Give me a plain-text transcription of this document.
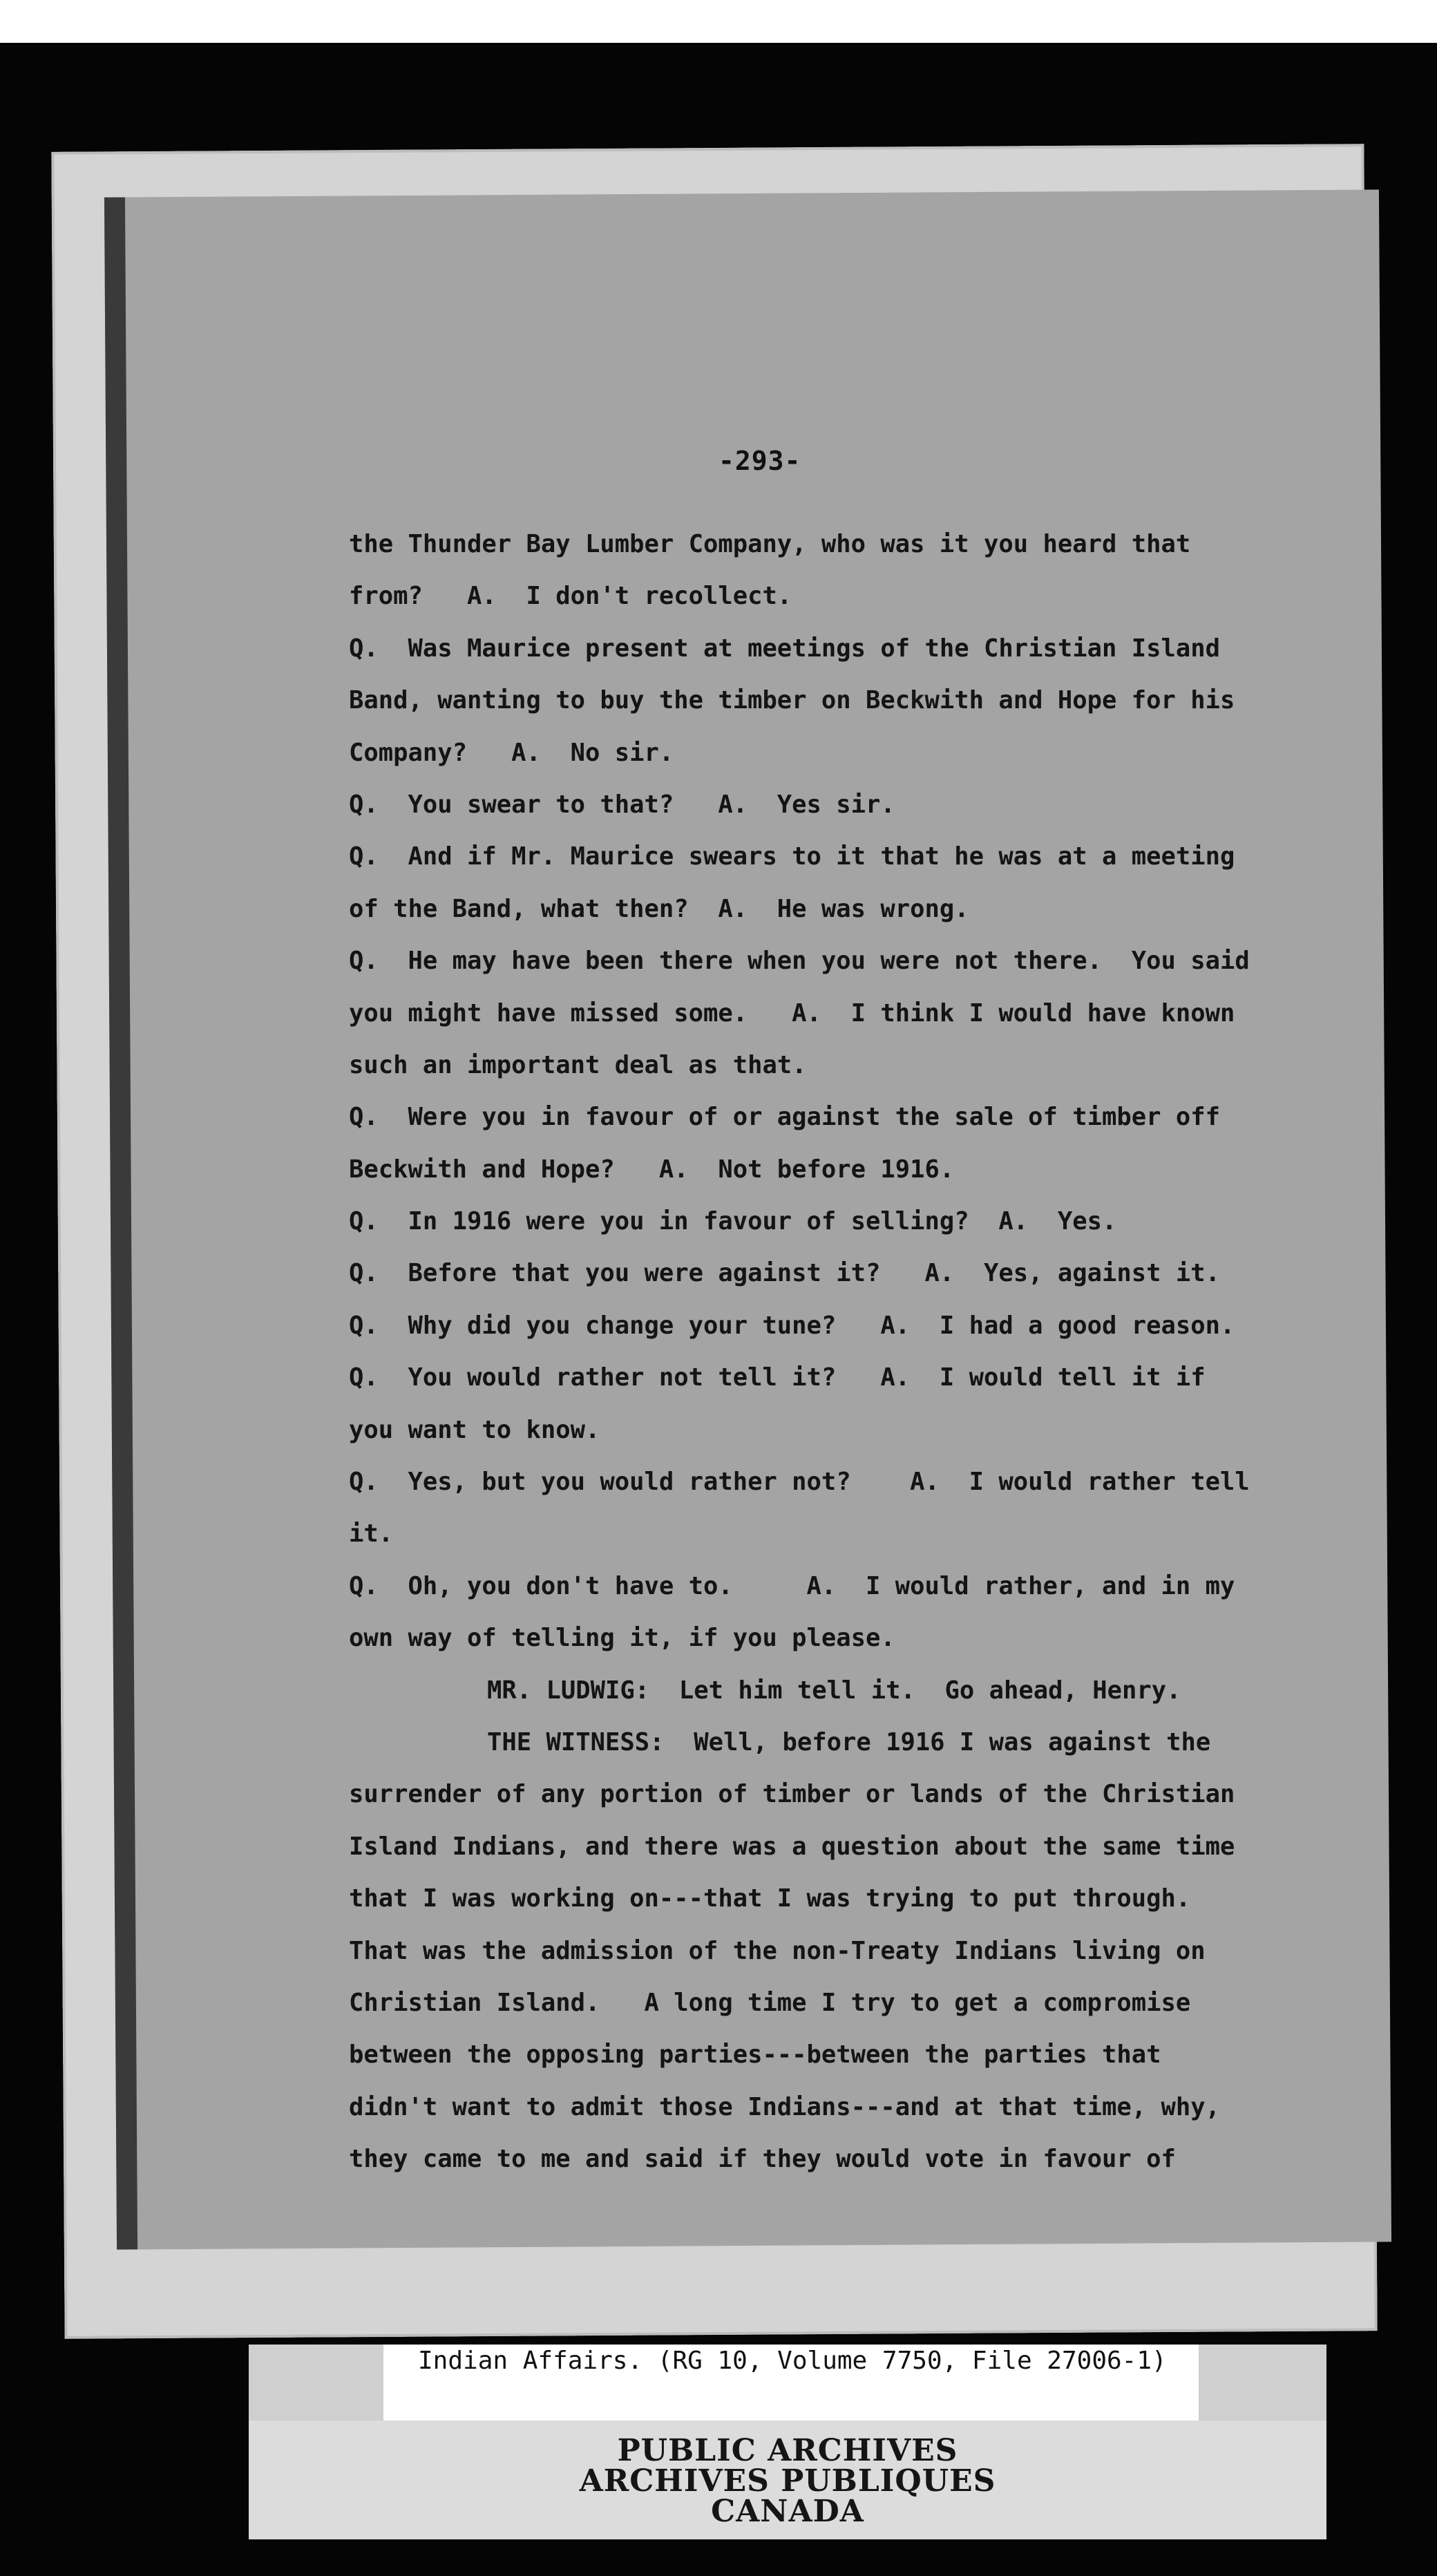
-293-
the Thunder Bay Lumber Company, who was it you heard that
from?   A.  I don't recollect.
Q.  Was Maurice present at meetings of the Christian Island
Band, wanting to buy the timber on Beckwith and Hope for his
Company?   A.  No sir.
Q.  You swear to that?   A.  Yes sir.
Q.  And if Mr. Maurice swears to it that he was at a meeting
of the Band, what then?  A.  He was wrong.
Q.  He may have been there when you were not there.  You said
you might have missed some.   A.  I think I would have known
such an important deal as that.
Q.  Were you in favour of or against the sale of timber off
Beckwith and Hope?   A.  Not before 1916.
Q.  In 1916 were you in favour of selling?  A.  Yes.
Q.  Before that you were against it?   A.  Yes, against it.
Q.  Why did you change your tune?   A.  I had a good reason.
Q.  You would rather not tell it?   A.  I would tell it if
you want to know.
Q.  Yes, but you would rather not?    A.  I would rather tell
it.
Q.  Oh, you don't have to.     A.  I would rather, and in my
own way of telling it, if you please.
MR. LUDWIG:  Let him tell it.  Go ahead, Henry.
THE WITNESS:  Well, before 1916 I was against the
surrender of any portion of timber or lands of the Christian
Island Indians, and there was a question about the same time
that I was working on---that I was trying to put through.
That was the admission of the non-Treaty Indians living on
Christian Island.   A long time I try to get a compromise
between the opposing parties---between the parties that
didn't want to admit those Indians---and at that time, why,
they came to me and said if they would vote in favour of
Indian Affairs. (RG 10, Volume 7750, File 27006-1)
PUBLIC ARCHIVES
ARCHIVES PUBLIQUES
CANADA
